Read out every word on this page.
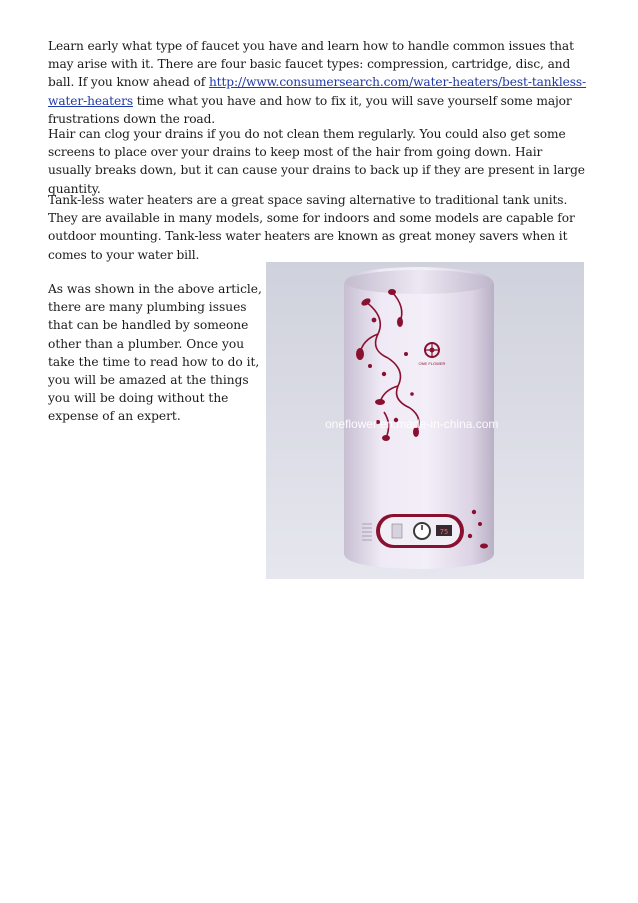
Learn early what type of faucet you have and learn how to handle common issues that may arise with it. There are four basic faucet types: compression, cartridge, disc, and ball. If you know ahead of http://www.consumersearch.com/water-heaters/best-tankless-water-heaters time what you have and how to fix it, you will save yourself some major frustrations down the road.

Hair can clog your drains if you do not clean them regularly. You could also get some screens to place over your drains to keep most of the hair from going down. Hair usually breaks down, but it can cause your drains to back up if they are present in large quantity.

Tank-less water heaters are a great space saving alternative to traditional tank units. They are available in many models, some for indoors and some models are capable for outdoor mounting. Tank-less water heaters are known as great money savers when it comes to your water bill.

As was shown in the above article, there are many plumbing issues that can be handled by someone other than a plumber. Once you take the time to read how to do it, you will be amazed at the things you will be doing without the expense of an expert.

ONE FLOWER
oneflower.en.made-in-china.com
75
